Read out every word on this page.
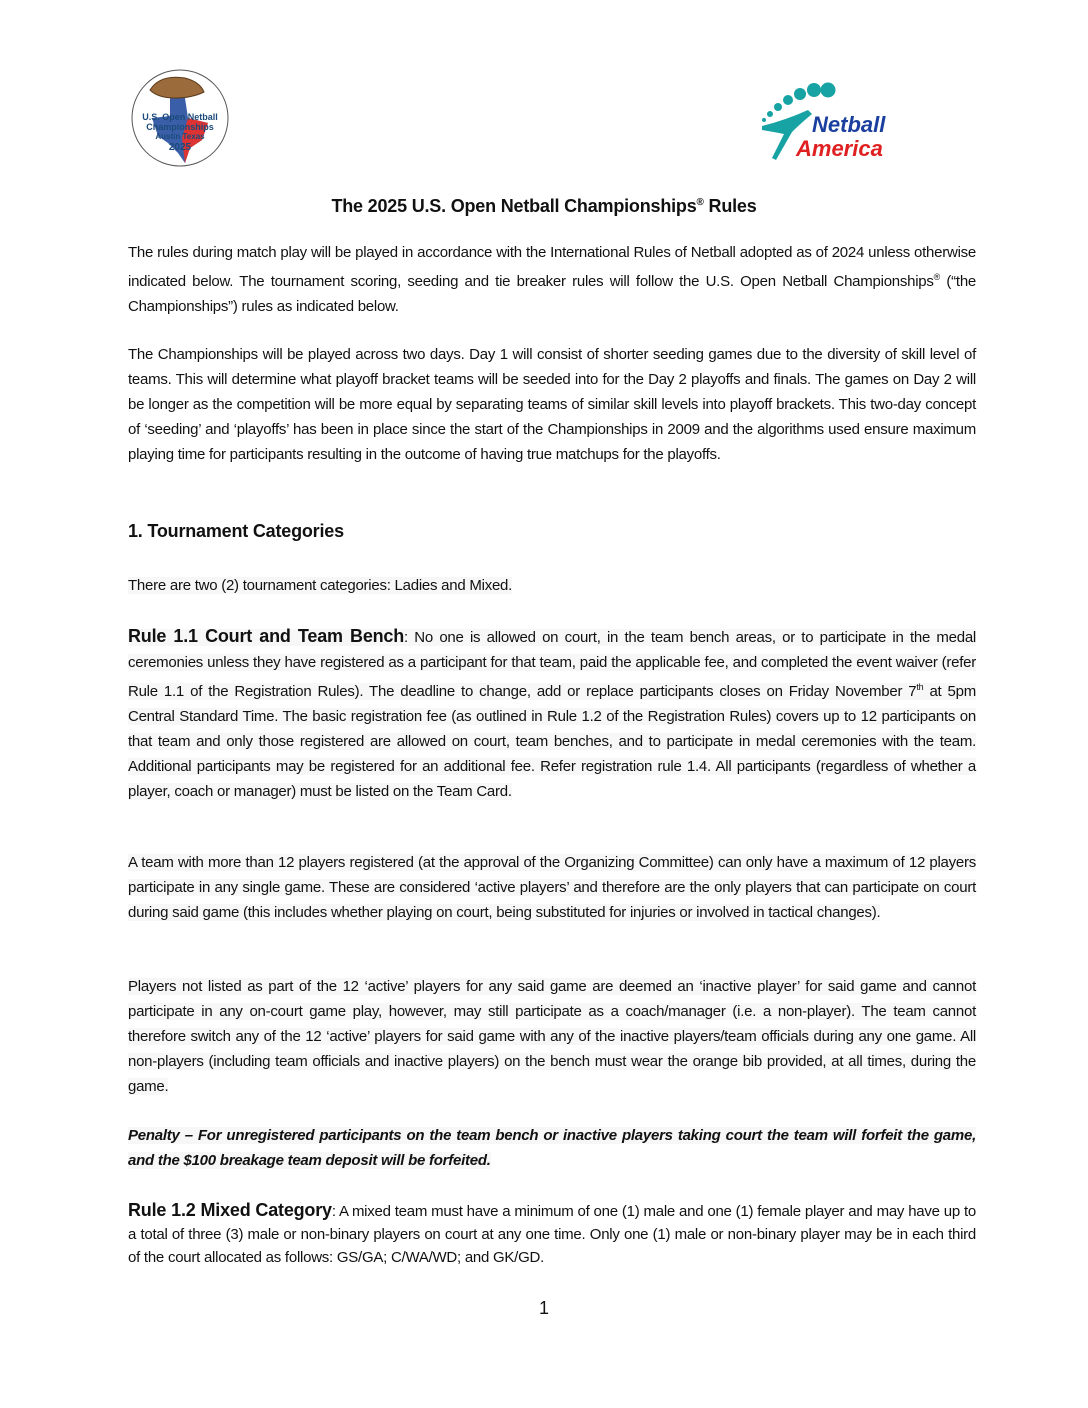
U.S. Open Netball
Championships
Austin Texas
2025
Netball
America
The 2025 U.S. Open Netball Championships® Rules
The rules during match play will be played in accordance with the International Rules of Netball adopted as of 2024 unless otherwise indicated below. The tournament scoring, seeding and tie breaker rules will follow the U.S. Open Netball Championships® (“the Championships”) rules as indicated below.
The Championships will be played across two days. Day 1 will consist of shorter seeding games due to the diversity of skill level of teams. This will determine what playoff bracket teams will be seeded into for the Day 2 playoffs and finals. The games on Day 2 will be longer as the competition will be more equal by separating teams of similar skill levels into playoff brackets. This two-day concept of ‘seeding’ and ‘playoffs’ has been in place since the start of the Championships in 2009 and the algorithms used ensure maximum playing time for participants resulting in the outcome of having true matchups for the playoffs.
1. Tournament Categories
There are two (2) tournament categories: Ladies and Mixed.
Rule 1.1 Court and Team Bench: No one is allowed on court, in the team bench areas, or to participate in the medal ceremonies unless they have registered as a participant for that team, paid the applicable fee, and completed the event waiver (refer Rule 1.1 of the Registration Rules). The deadline to change, add or replace participants closes on Friday November 7th at 5pm Central Standard Time. The basic registration fee (as outlined in Rule 1.2 of the Registration Rules) covers up to 12 participants on that team and only those registered are allowed on court, team benches, and to participate in medal ceremonies with the team. Additional participants may be registered for an additional fee. Refer registration rule 1.4. All participants (regardless of whether a player, coach or manager) must be listed on the Team Card.
A team with more than 12 players registered (at the approval of the Organizing Committee) can only have a maximum of 12 players participate in any single game. These are considered ‘active players’ and therefore are the only players that can participate on court during said game (this includes whether playing on court, being substituted for injuries or involved in tactical changes).
Players not listed as part of the 12 ‘active’ players for any said game are deemed an ‘inactive player’ for said game and cannot participate in any on-court game play, however, may still participate as a coach/manager (i.e. a non-player). The team cannot therefore switch any of the 12 ‘active’ players for said game with any of the inactive players/team officials during any one game. All non-players (including team officials and inactive players) on the bench must wear the orange bib provided, at all times, during the game.
Penalty – For unregistered participants on the team bench or inactive players taking court the team will forfeit the game, and the $100 breakage team deposit will be forfeited.
Rule 1.2 Mixed Category: A mixed team must have a minimum of one (1) male and one (1) female player and may have up to a total of three (3) male or non-binary players on court at any one time. Only one (1) male or non-binary player may be in each third of the court allocated as follows: GS/GA; C/WA/WD; and GK/GD.
1
